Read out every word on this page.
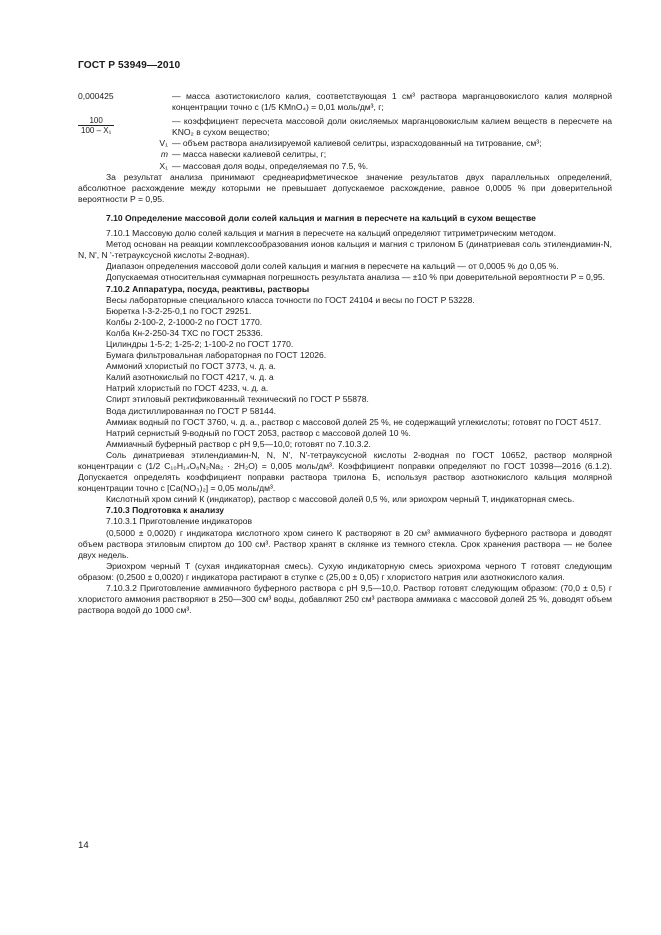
ГОСТ Р 53949—2010
0,000425	— масса азотистокислого калия, соответствующая 1 см³ раствора марганцовокислого калия молярной концентрации точно с (1/5 KMnO₄) = 0,01 моль/дм³, г;
$\frac{100}{\text{100 – X₁}}$	— коэффициент пересчета массовой доли окисляемых марганцовокислым калием веществ в пересчете на KNO₂ в сухом вещество;
V₁ — объем раствора анализируемой калиевой селитры, израсходованный на титрование, см³;
m — масса навески калиевой селитры, г;
X₁ — массовая доля воды, определяемая по 7.5, %.

За результат анализа принимают среднеарифметическое значение результатов двух параллельных определений, абсолютное расхождение между которыми не превышает допускаемое расхождение, равное 0,0005 % при доверительной вероятности P = 0,95.

7.10 Определение массовой доли солей кальция и магния в пересчете на кальций в сухом веществе

7.10.1 Массовую долю солей кальция и магния в пересчете на кальций определяют титриметрическим методом.

Метод основан на реакции комплексообразования ионов кальция и магния с трилоном Б (динатриевая соль этилендиамин-N, N, N', N '-тетрауксусной кислоты 2-водная).

Диапазон определения массовой доли солей кальция и магния в пересчете на кальций — от 0,0005 % до 0,05 %.

Допускаемая относительная суммарная погрешность результата анализа — ±10 % при доверительной вероятности P = 0,95.

7.10.2 Аппаратура, посуда, реактивы, растворы

Весы лабораторные специального класса точности по ГОСТ 24104 и весы по ГОСТ Р 53228.

Бюретка I-3-2-25-0,1 по ГОСТ 29251.

Колбы 2-100-2, 2-1000-2 по ГОСТ 1770.

Колба Кн-2-250-34 ТХС по ГОСТ 25336.

Цилиндры 1-5-2; 1-25-2; 1-100-2 по ГОСТ 1770.

Бумага фильтровальная лабораторная по ГОСТ 12026.

Аммоний хлористый по ГОСТ 3773, ч. д. а.

Калий азотнокислый по ГОСТ 4217, ч. д. а

Натрий хлористый по ГОСТ 4233, ч. д. а.

Спирт этиловый ректификованный технический по ГОСТ Р 55878.

Вода дистиллированная по ГОСТ Р 58144.

Аммиак водный по ГОСТ 3760, ч. д. а., раствор с массовой долей 25 %, не содержащий углекислоты; готовят по ГОСТ 4517.

Натрий сернистый 9-водный по ГОСТ 2053, раствор с массовой долей 10 %.

Аммиачный буферный раствор с pH 9,5—10,0; готовят по 7.10.3.2.

Соль динатриевая этилендиамин-N, N, N', N'-тетрауксусной кислоты 2-водная по ГОСТ 10652, раствор молярной концентрации с (1/2 C₁₀H₁₄O₈N₂Na₂ · 2H₂O) = 0,005 моль/дм³. Коэффициент поправки определяют по ГОСТ 10398—2016 (6.1.2). Допускается определять коэффициент поправки раствора трилона Б, используя раствор азотнокислого кальция молярной концентрации точно с [Ca(NO₃)₂] = 0,05 моль/дм³.

Кислотный хром синий К (индикатор), раствор с массовой долей 0,5 %, или эриохром черный Т, индикаторная смесь.

7.10.3 Подготовка к анализу

7.10.3.1 Приготовление индикаторов

(0,5000 ± 0,0020) г индикатора кислотного хром синего К растворяют в 20 см³ аммиачного буферного раствора и доводят объем раствора этиловым спиртом до 100 см³. Раствор хранят в склянке из темного стекла. Срок хранения раствора — не более двух недель.

Эриохром черный Т (сухая индикаторная смесь). Сухую индикаторную смесь эриохрома черного Т готовят следующим образом: (0,2500 ± 0,0020) г индикатора растирают в ступке с (25,00 ± 0,05) г хлористого натрия или азотнокислого калия.

7.10.3.2 Приготовление аммиачного буферного раствора с pH 9,5—10,0. Раствор готовят следующим образом: (70,0 ± 0,5) г хлористого аммония растворяют в 250—300 см³ воды, добавляют 250 см³ раствора аммиака с массовой долей 25 %, доводят объем раствора водой до 1000 см³.

14
